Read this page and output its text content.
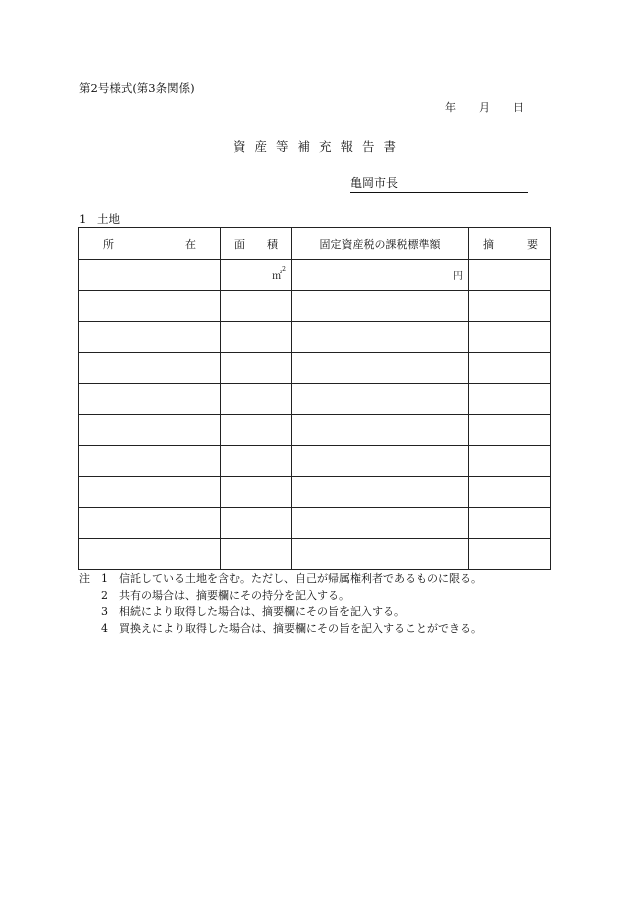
第2号様式(第3条関係)
年 月 日
資産等補充報告書
亀岡市長
1 土地
所 在	面 積	固定資産税の課税標準額	摘 要

	㎡$^2$	円	

注	1	信託している土地を含む。ただし、自己が帰属権利者であるものに限る。
2	共有の場合は、摘要欄にその持分を記入する。
3	相続により取得した場合は、摘要欄にその旨を記入する。
4	買換えにより取得した場合は、摘要欄にその旨を記入することができる。
